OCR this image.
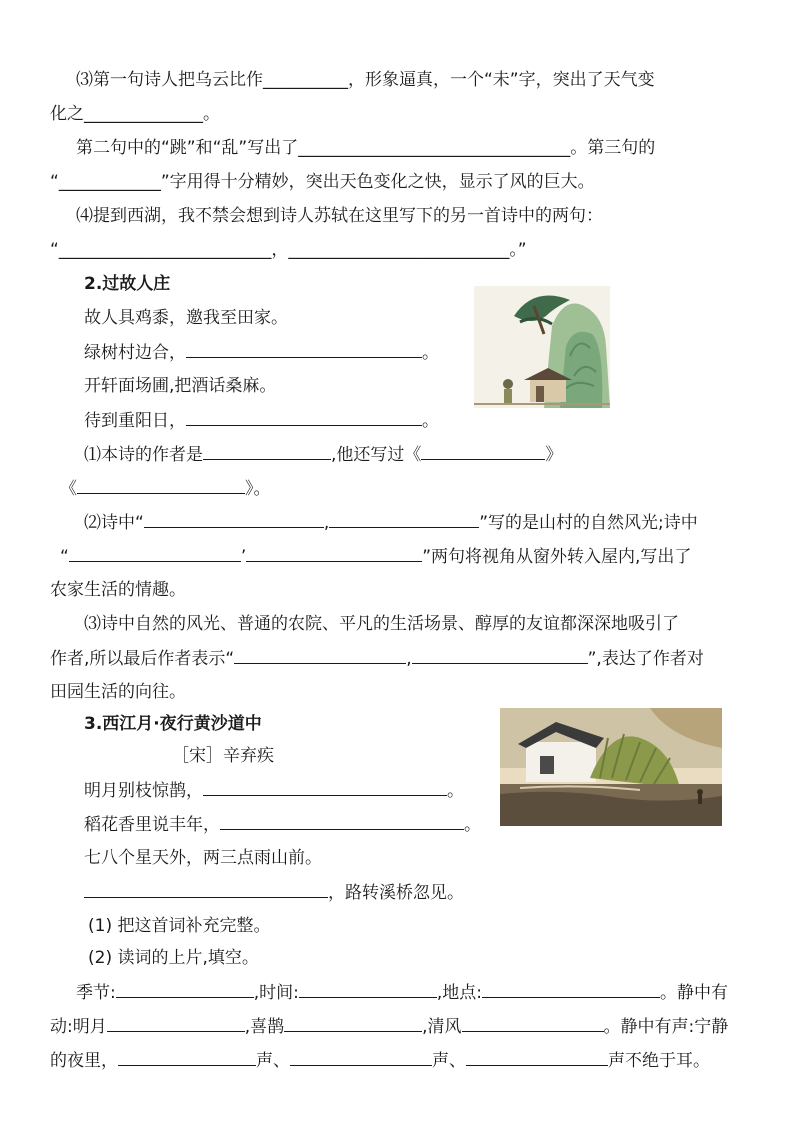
⑶第一句诗人把乌云比作__________，形象逼真，一个“未”字，突出了天气变
化之______________。
第二句中的“跳”和“乱”写出了________________________________。第三句的
“____________”字用得十分精妙，突出天色变化之快，显示了风的巨大。
⑷提到西湖，我不禁会想到诗人苏轼在这里写下的另一首诗中的两句：
“_________________________，__________________________。”
2.过故人庄
故人具鸡黍，邀我至田家。
绿树村边合，	。
开轩面场圃,把酒话桑麻。
待到重阳日，	。
⑴本诗的作者是	,他还写过《	》
《	》。
⑵诗中“	,	”写的是山村的自然风光;诗中
“	’	”两句将视角从窗外转入屋内,写出了
农家生活的情趣。
⑶诗中自然的风光、普通的农院、平凡的生活场景、醇厚的友谊都深深地吸引了
作者,所以最后作者表示“	,	”,表达了作者对
田园生活的向往。
3.西江月·夜行黄沙道中
［宋］辛弃疾
明月别枝惊鹊，	。
稻花香里说丰年，	。
七八个星天外，两三点雨山前。
，路转溪桥忽见。
(1) 把这首词补充完整。
(2) 读词的上片,填空。
季节:	,时间:	,地点:	。静中有
动:明月	,喜鹊	,清风	。静中有声:宁静
的夜里，	声、	声、	声不绝于耳。
